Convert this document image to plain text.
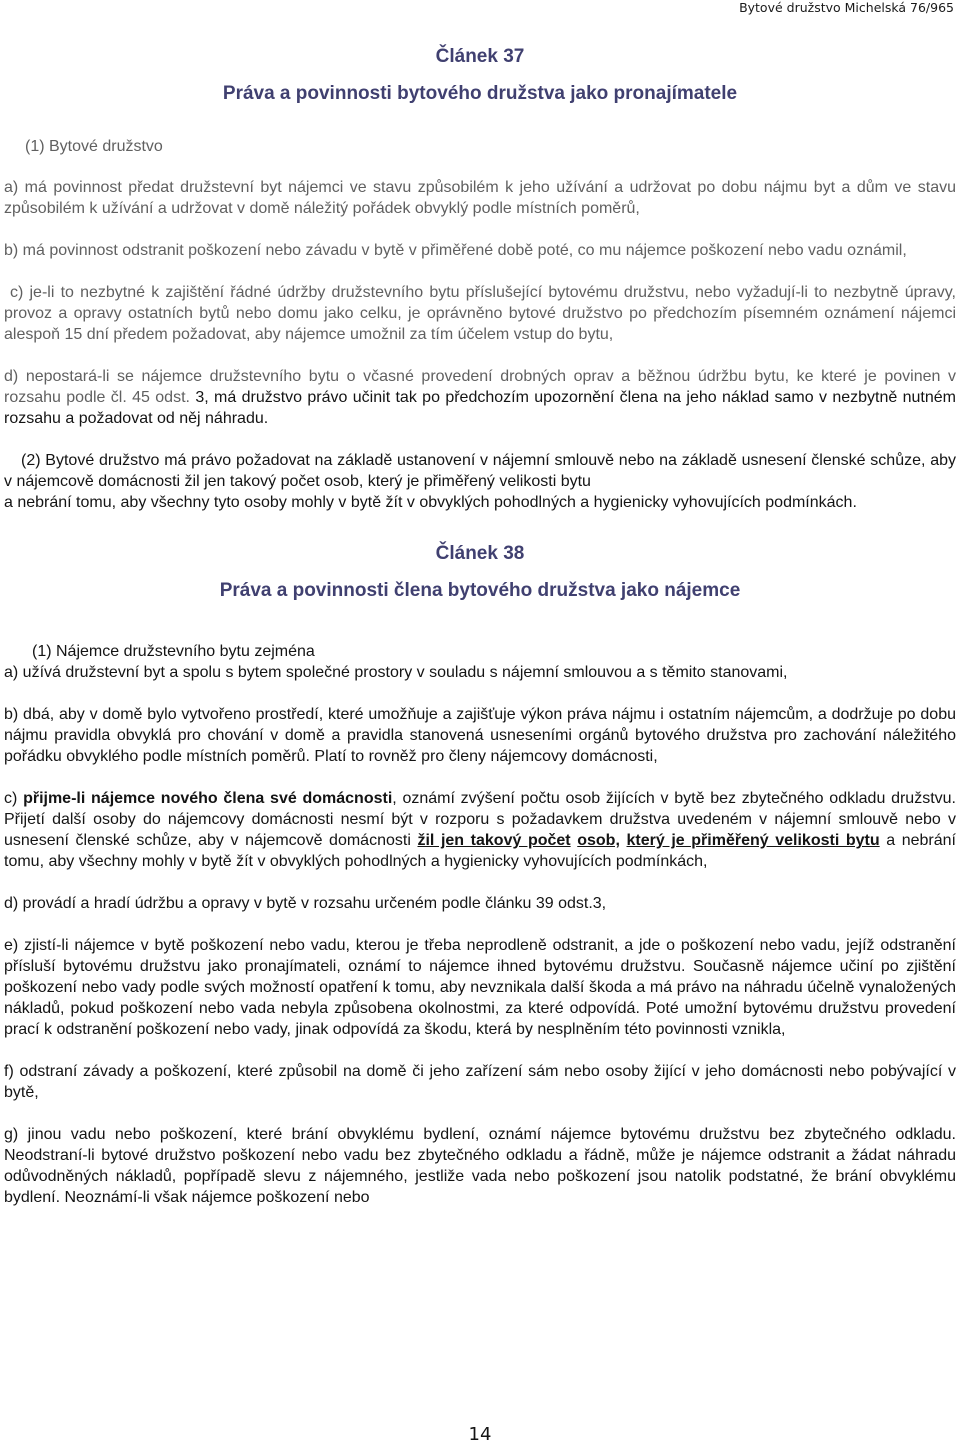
Bytové družstvo Michelská 76/965
Článek 37
Práva a povinnosti bytového družstva jako pronajímatele

(1) Bytové družstvo

a) má povinnost předat družstevní byt nájemci ve stavu způsobilém k jeho užívání a udržovat po dobu nájmu byt a dům ve stavu způsobilém k užívání a udržovat v domě náležitý pořádek obvyklý podle místních poměrů,

b) má povinnost odstranit poškození nebo závadu v bytě v přiměřené době poté, co mu nájemce poškození nebo vadu oznámil,

c) je-li to nezbytné k zajištění řádné údržby družstevního bytu příslušející bytovému družstvu, nebo vyžadují-li to nezbytně úpravy, provoz a opravy ostatních bytů nebo domu jako celku, je oprávněno bytové družstvo po předchozím písemném oznámení nájemci alespoň 15 dní předem požadovat, aby nájemce umožnil za tím účelem vstup do bytu,

d) nepostará-li se nájemce družstevního bytu o včasné provedení drobných oprav a běžnou údržbu bytu, ke které je povinen v rozsahu podle čl. 45 odst. 3, má družstvo právo učinit tak po předchozím upozornění člena na jeho náklad samo v nezbytně nutném rozsahu a požadovat od něj náhradu.

(2) Bytové družstvo má právo požadovat na základě ustanovení v nájemní smlouvě nebo na základě usnesení členské schůze, aby v nájemcově domácnosti žil jen takový počet osob, který je přiměřený velikosti bytu

a nebrání tomu, aby všechny tyto osoby mohly v bytě žít v obvyklých pohodlných a hygienicky vyhovujících podmínkách.

Článek 38
Práva a povinnosti člena bytového družstva jako nájemce

(1) Nájemce družstevního bytu zejména

a) užívá družstevní byt a spolu s bytem společné prostory v souladu s nájemní smlouvou a s těmito stanovami,

b) dbá, aby v domě bylo vytvořeno prostředí, které umožňuje a zajišťuje výkon práva nájmu i ostatním nájemcům, a dodržuje po dobu nájmu pravidla obvyklá pro chování v domě a pravidla stanovená usneseními orgánů bytového družstva pro zachování náležitého pořádku obvyklého podle místních poměrů. Platí to rovněž pro členy nájemcovy domácnosti,

c) přijme-li nájemce nového člena své domácnosti, oznámí zvýšení počtu osob žijících v bytě bez zbytečného odkladu družstvu. Přijetí další osoby do nájemcovy domácnosti nesmí být v rozporu s požadavkem družstva uvedeném v nájemní smlouvě nebo v usnesení členské schůze, aby v nájemcově domácnosti žil jen takový počet osob, který je přiměřený velikosti bytu a nebrání tomu, aby všechny mohly v bytě žít v obvyklých pohodlných a hygienicky vyhovujících podmínkách,

d) provádí a hradí údržbu a opravy v bytě v rozsahu určeném podle článku 39 odst.3,

e) zjistí-li nájemce v bytě poškození nebo vadu, kterou je třeba neprodleně odstranit, a jde o poškození nebo vadu, jejíž odstranění přísluší bytovému družstvu jako pronajímateli, oznámí to nájemce ihned bytovému družstvu. Současně nájemce učiní po zjištění poškození nebo vady podle svých možností opatření k tomu, aby nevznikala další škoda a má právo na náhradu účelně vynaložených nákladů, pokud poškození nebo vada nebyla způsobena okolnostmi, za které odpovídá. Poté umožní bytovému družstvu provedení prací k odstranění poškození nebo vady, jinak odpovídá za škodu, která by nesplněním této povinnosti vznikla,

f) odstraní závady a poškození, které způsobil na domě či jeho zařízení sám nebo osoby žijící v jeho domácnosti nebo pobývající v bytě,

g) jinou vadu nebo poškození, které brání obvyklému bydlení, oznámí nájemce bytovému družstvu bez zbytečného odkladu. Neodstraní-li bytové družstvo poškození nebo vadu bez zbytečného odkladu a řádně, může je nájemce odstranit a žádat náhradu odůvodněných nákladů, popřípadě slevu z nájemného, jestliže vada nebo poškození jsou natolik podstatné, že brání obvyklému bydlení. Neoznámí-li však nájemce poškození nebo

14
